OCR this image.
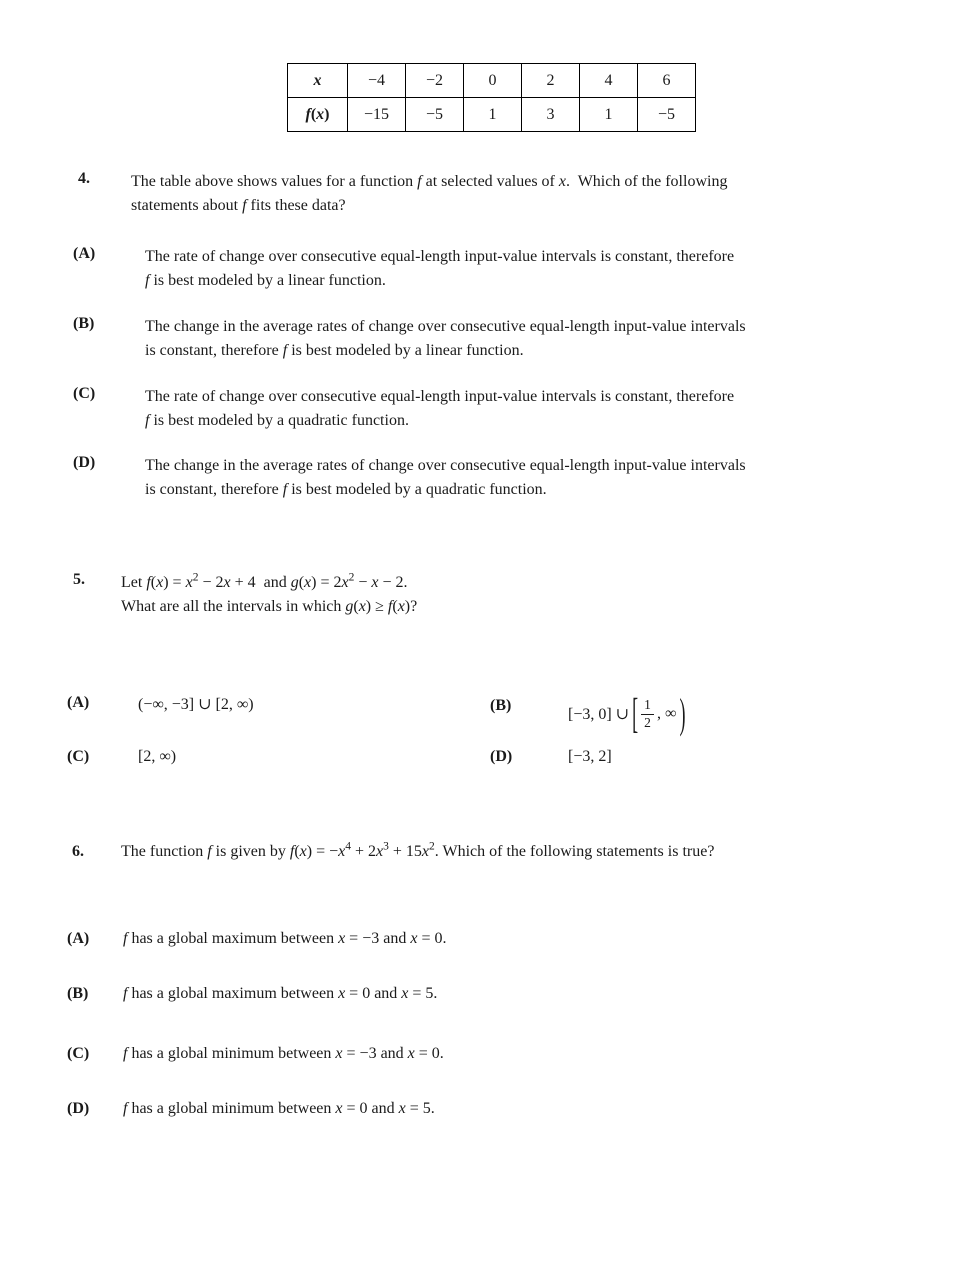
x	−4	−2	0	2	4	6
f(x)	−15	−5	1	3	1	−5
4.	The table above shows values for a function f at selected values of x.  Which of the following
statements about f fits these data?
(A)	The rate of change over consecutive equal-length input-value intervals is constant, therefore
f is best modeled by a linear function.
(B)	The change in the average rates of change over consecutive equal-length input-value intervals
is constant, therefore f is best modeled by a linear function.
(C)	The rate of change over consecutive equal-length input-value intervals is constant, therefore
f is best modeled by a quadratic function.
(D)	The change in the average rates of change over consecutive equal-length input-value intervals
is constant, therefore f is best modeled by a quadratic function.
5. Let $f(x) = x^2 - 2x + 4$  and $g(x) = 2x^2 - x - 2$.
What are all the intervals in which g(x) ≥ f(x)?
(A)	(−∞, −3] ∪ [2, ∞)	(B)
[−3, 0] ∪ [ $\frac{1}{2}$  , ∞ )
(C)	[2, ∞)	(D)	[−3, 2]
6. The function f is given by $f(x) = -x^4 + 2x^3 + 15x^2$. Which of the following statements is true?
(A) f has a global maximum between x = −3 and x = 0.
(B) f has a global maximum between x = 0 and x = 5.
(C) f has a global minimum between x = −3 and x = 0.
(D) f has a global minimum between x = 0 and x = 5.
